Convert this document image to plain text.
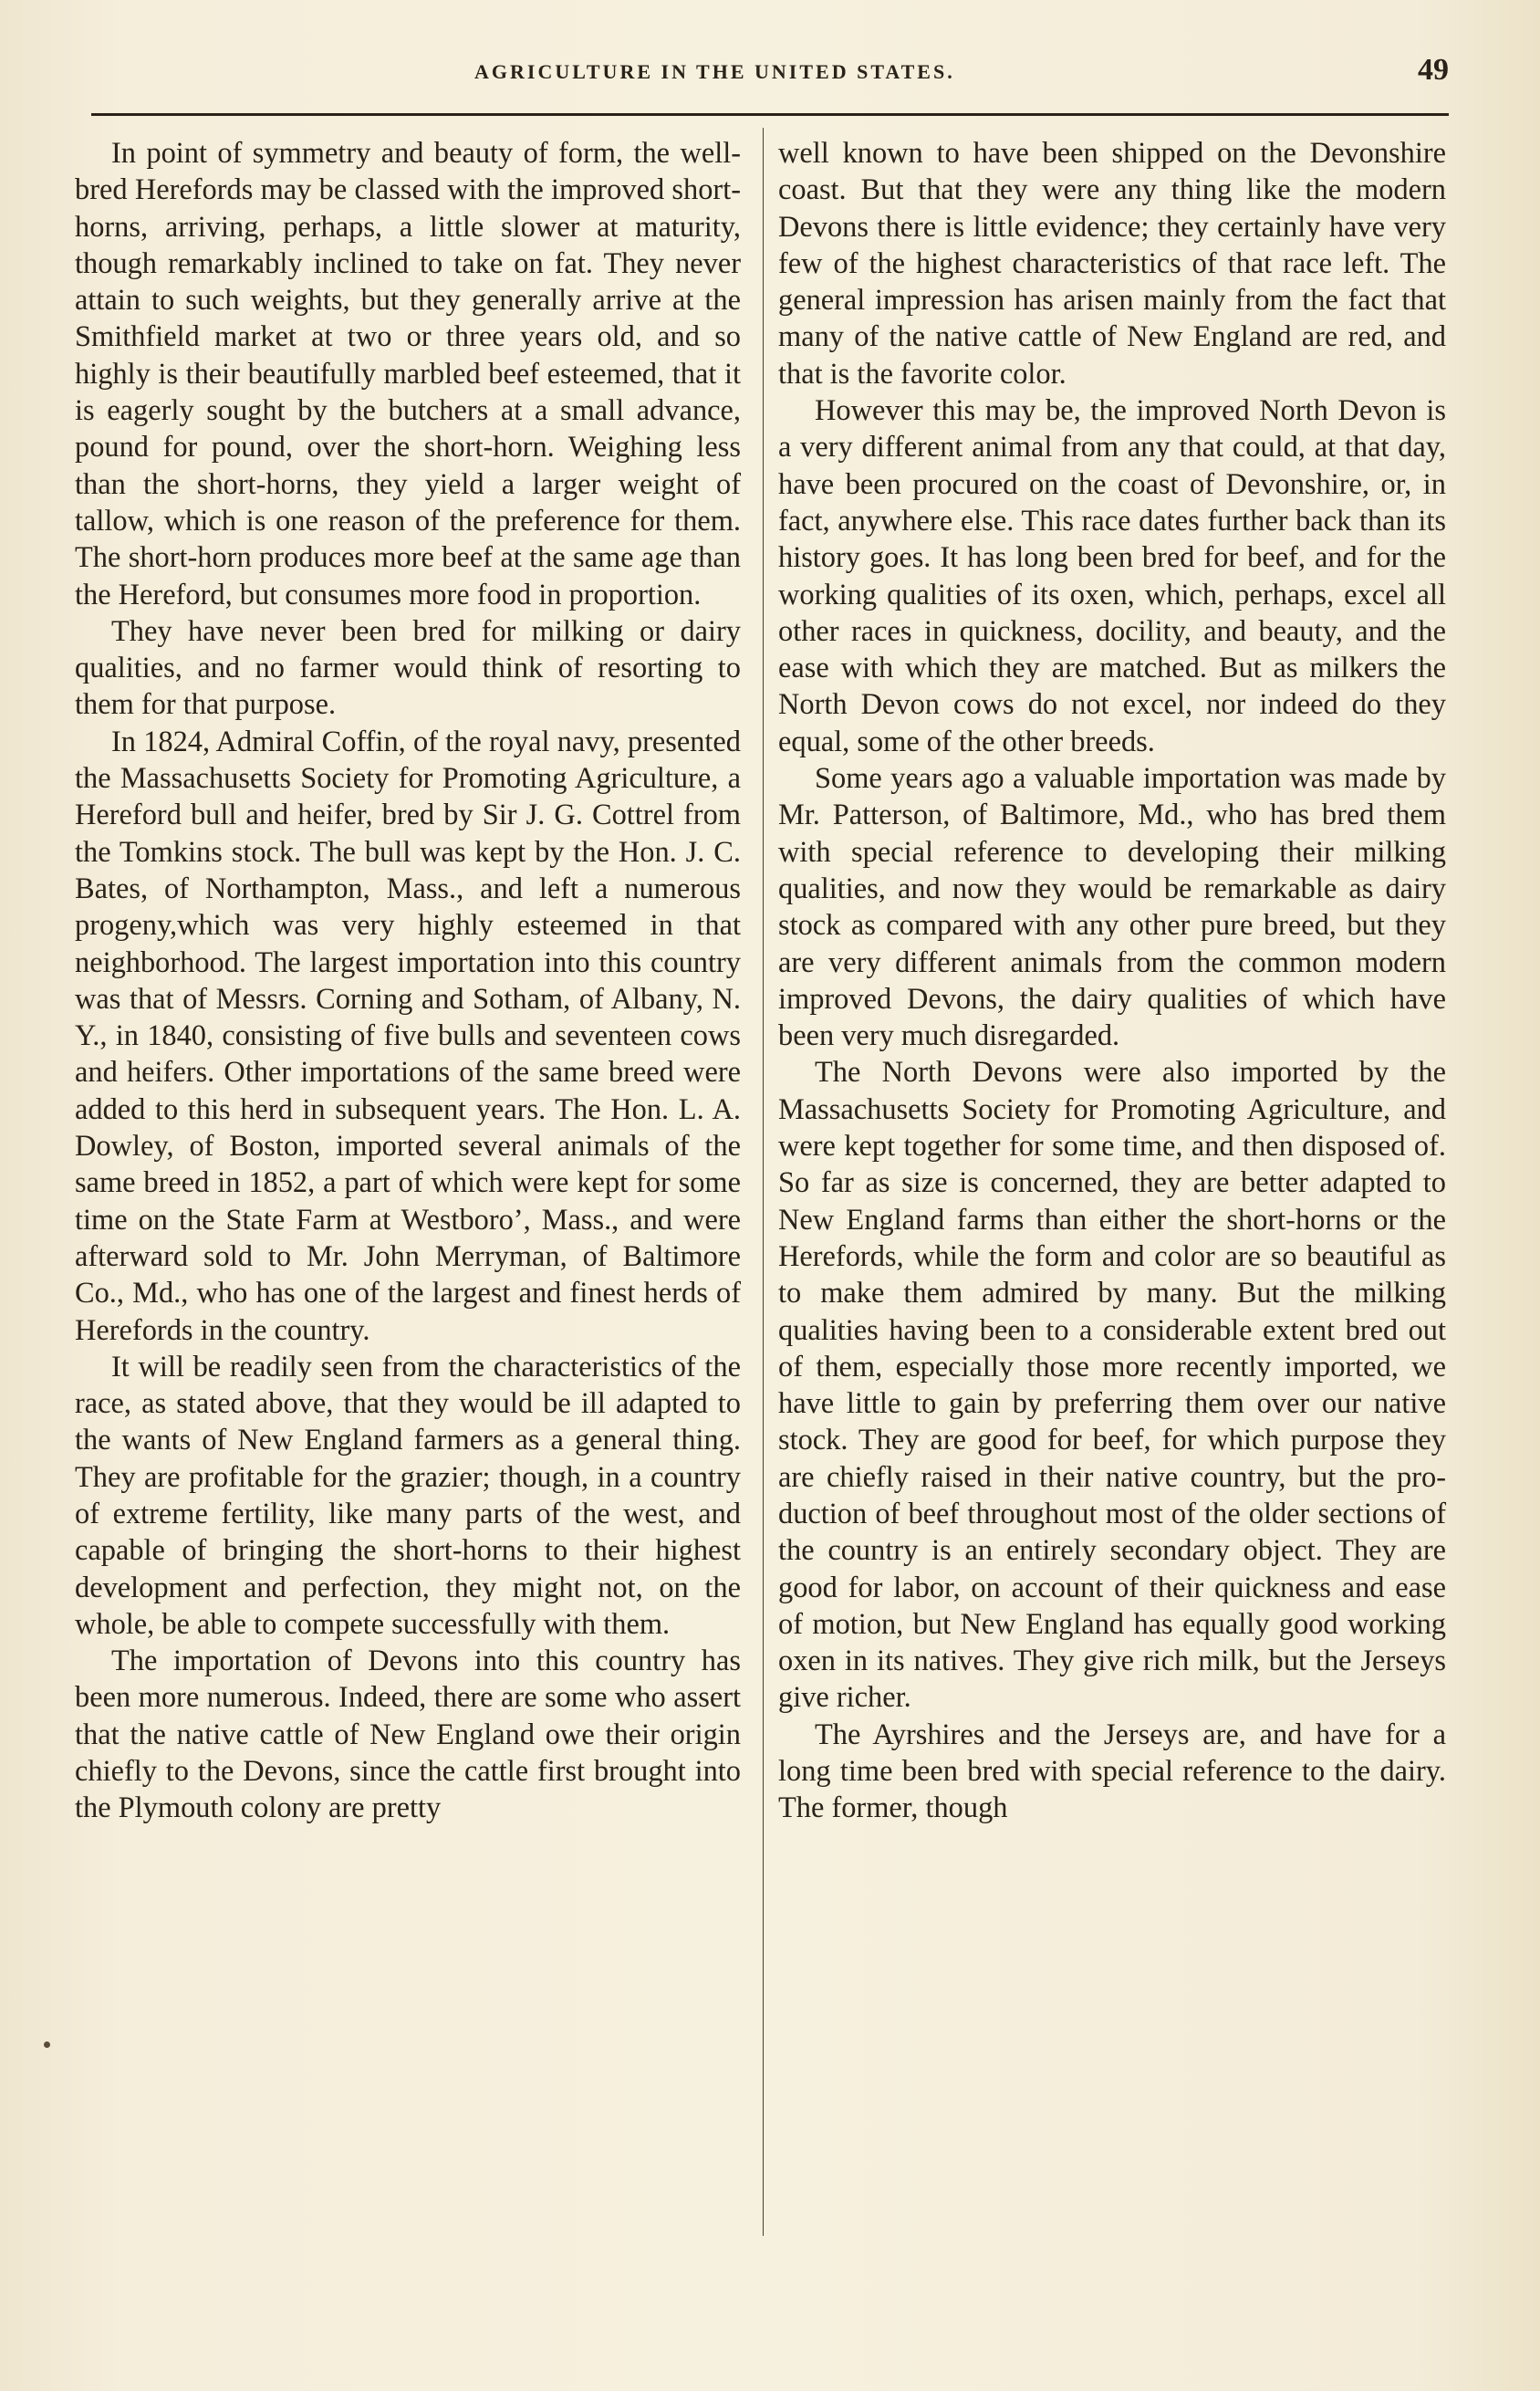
AGRICULTURE IN THE UNITED STATES.	49

In point of symmetry and beauty of form, the well-bred Herefords may be classed with the improved short-horns, arriving, perhaps, a little slower at maturity, though remarkably inclined to take on fat. They never attain to such weights, but they generally arrive at the Smithfield market at two or three years old, and so highly is their beautifully marbled beef esteemed, that it is eagerly sought by the butchers at a small advance, pound for pound, over the short-horn. Weighing less than the short-horns, they yield a larger weight of tallow, which is one reason of the preference for them. The short-horn produces more beef at the same age than the Hereford, but consumes more food in proportion.

They have never been bred for milking or dairy qualities, and no farmer would think of resorting to them for that purpose.

In 1824, Admiral Coffin, of the royal navy, presented the Massachusetts Society for Promoting Agriculture, a Hereford bull and heifer, bred by Sir J. G. Cottrel from the Tomkins stock. The bull was kept by the Hon. J. C. Bates, of Northampton, Mass., and left a numerous progeny,which was very highly esteemed in that neighborhood. The largest importation into this country was that of Messrs. Corning and Sotham, of Albany, N. Y., in 1840, consisting of five bulls and seventeen cows and heifers. Other importations of the same breed were added to this herd in subsequent years. The Hon. L. A. Dowley, of Boston, imported several animals of the same breed in 1852, a part of which were kept for some time on the State Farm at Westboro’, Mass., and were afterward sold to Mr. John Merryman, of Baltimore Co., Md., who has one of the largest and finest herds of Herefords in the country.

It will be readily seen from the characteristics of the race, as stated above, that they would be ill adapted to the wants of New England farmers as a general thing. They are profitable for the grazier; though, in a country of extreme fertility, like many parts of the west, and capable of bringing the short-horns to their highest development and perfection, they might not, on the whole, be able to compete successfully with them.

The importation of Devons into this country has been more numerous. Indeed, there are some who assert that the native cattle of New England owe their origin chiefly to the Devons, since the cattle first brought into the Plymouth colony are pretty

well known to have been shipped on the Devonshire coast. But that they were any thing like the modern Devons there is little evidence; they certainly have very few of the highest characteristics of that race left. The general impression has arisen mainly from the fact that many of the native cattle of New England are red, and that is the favorite color.

However this may be, the improved North Devon is a very different animal from any that could, at that day, have been procured on the coast of Devonshire, or, in fact, anywhere else. This race dates further back than its history goes. It has long been bred for beef, and for the working qualities of its oxen, which, perhaps, excel all other races in quickness, docility, and beauty, and the ease with which they are matched. But as milkers the North Devon cows do not excel, nor indeed do they equal, some of the other breeds.

Some years ago a valuable importation was made by Mr. Patterson, of Baltimore, Md., who has bred them with special reference to developing their milking qualities, and now they would be remarkable as dairy stock as compared with any other pure breed, but they are very different animals from the common modern improved Devons, the dairy qualities of which have been very much disregarded.

The North Devons were also imported by the Massachusetts Society for Promoting Agriculture, and were kept together for some time, and then disposed of. So far as size is concerned, they are better adapted to New England farms than either the short-horns or the Herefords, while the form and color are so beautiful as to make them admired by many. But the milking qualities having been to a considerable extent bred out of them, especially those more recently imported, we have little to gain by preferring them over our native stock. They are good for beef, for which purpose they are chiefly raised in their native country, but the production of beef throughout most of the older sections of the country is an entirely secondary object. They are good for labor, on account of their quickness and ease of motion, but New England has equally good working oxen in its natives. They give rich milk, but the Jerseys give richer.

The Ayrshires and the Jerseys are, and have for a long time been bred with special reference to the dairy. The former, though
